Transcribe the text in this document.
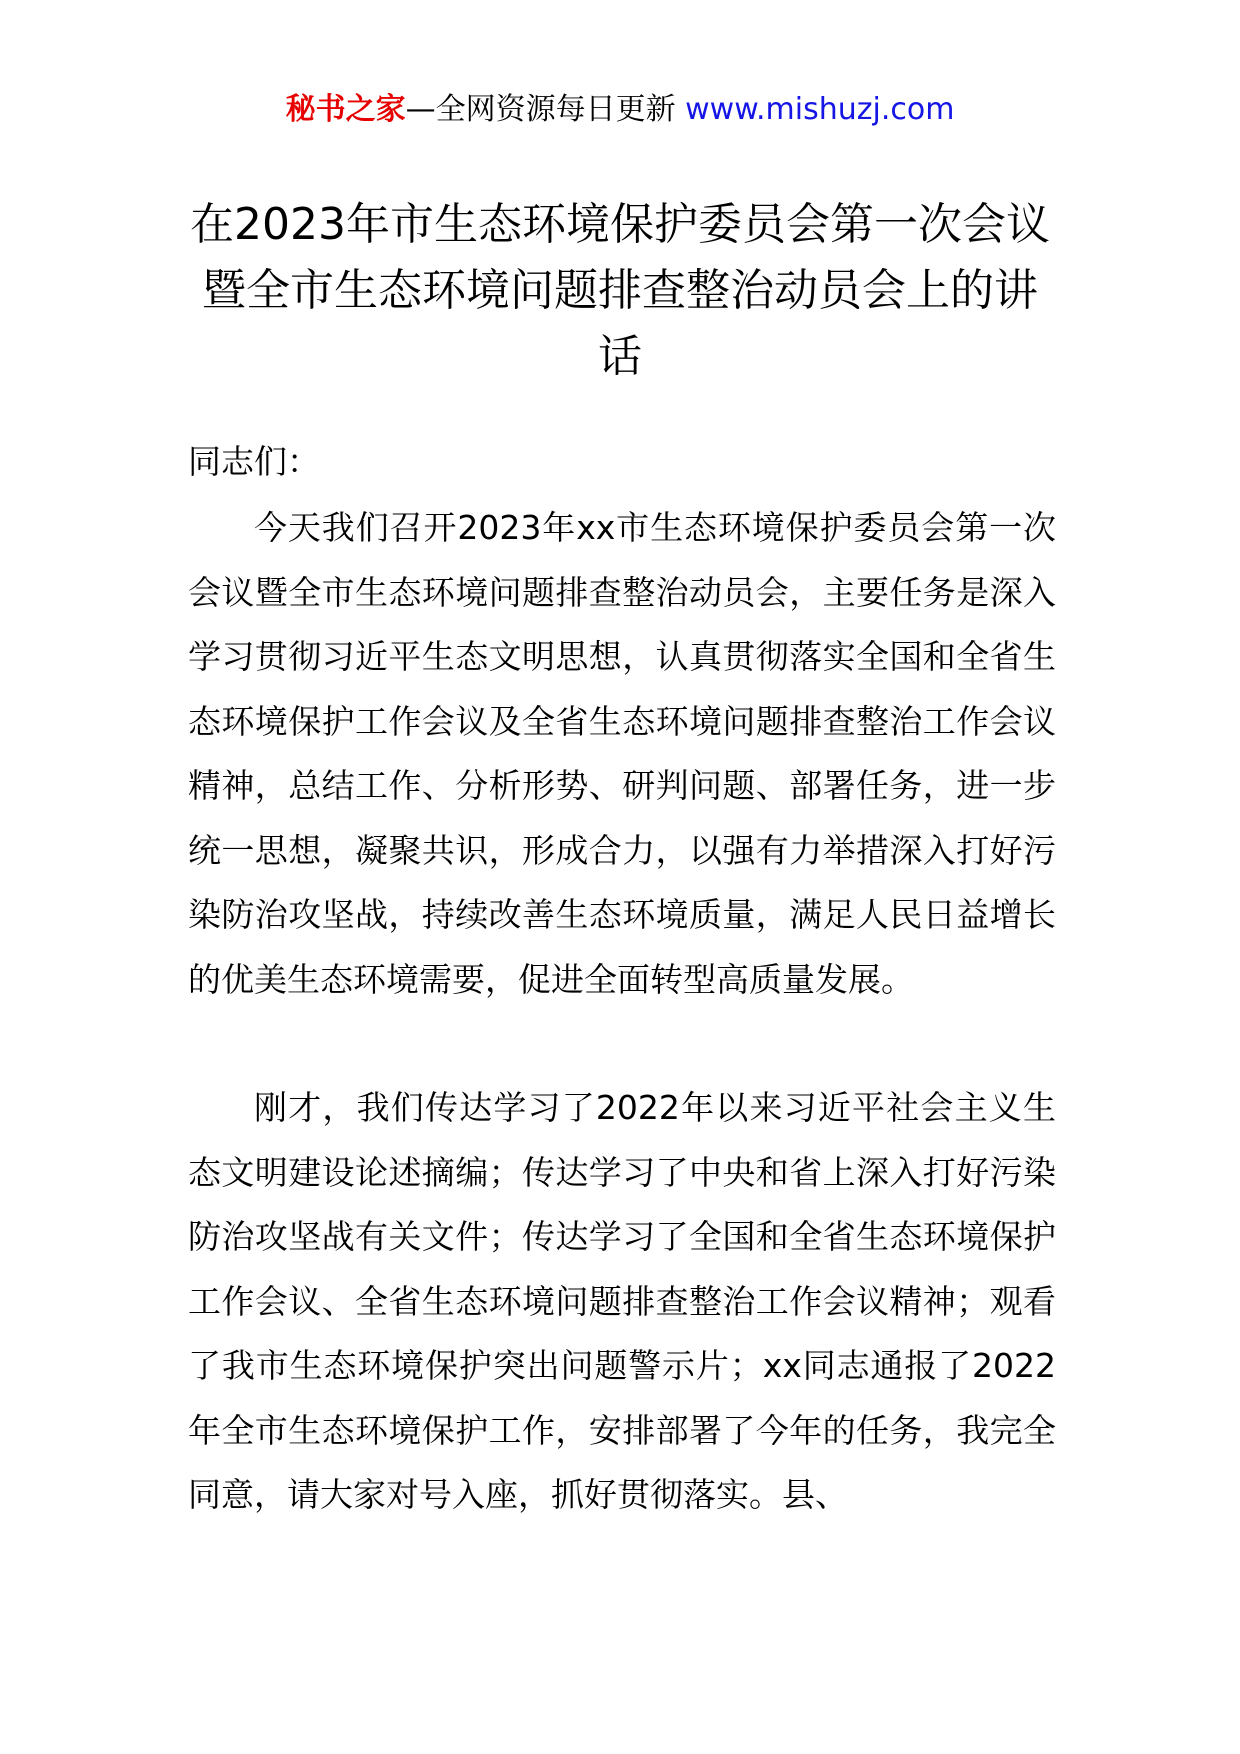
秘书之家—全网资源每日更新 www.mishuzj.com
在2023年市生态环境保护委员会第一次会议暨全市生态环境问题排查整治动员会上的讲话

同志们：

今天我们召开2023年xx市生态环境保护委员会第一次会议暨全市生态环境问题排查整治动员会，主要任务是深入学习贯彻习近平生态文明思想，认真贯彻落实全国和全省生态环境保护工作会议及全省生态环境问题排查整治工作会议精神，总结工作、分析形势、研判问题、部署任务，进一步统一思想，凝聚共识，形成合力，以强有力举措深入打好污染防治攻坚战，持续改善生态环境质量，满足人民日益增长的优美生态环境需要，促进全面转型高质量发展。

刚才，我们传达学习了2022年以来习近平社会主义生态文明建设论述摘编；传达学习了中央和省上深入打好污染防治攻坚战有关文件；传达学习了全国和全省生态环境保护工作会议、全省生态环境问题排查整治工作会议精神；观看了我市生态环境保护突出问题警示片；xx同志通报了2022年全市生态环境保护工作，安排部署了今年的任务，我完全同意，请大家对号入座，抓好贯彻落实。县、
